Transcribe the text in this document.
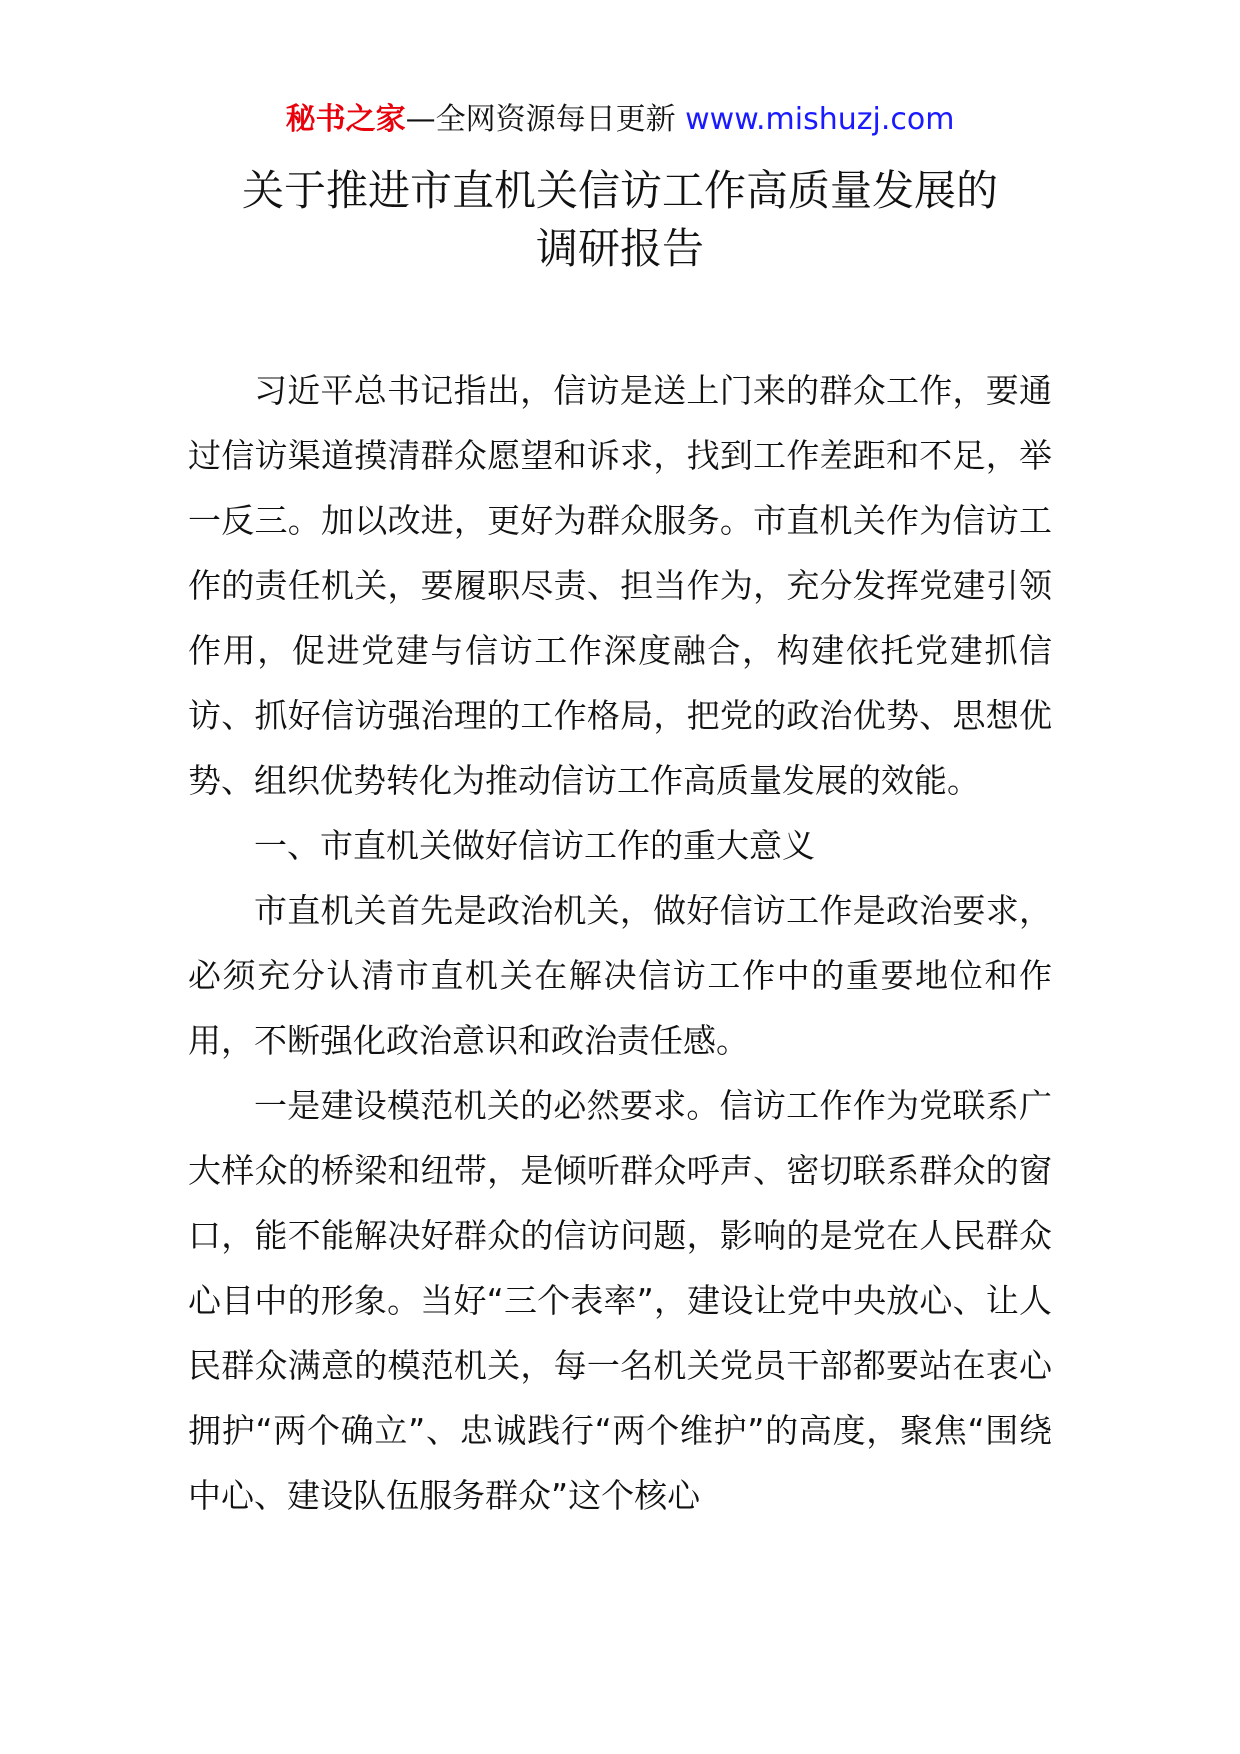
秘书之家—全网资源每日更新 www.mishuzj.com
关于推进市直机关信访工作高质量发展的
调研报告

习近平总书记指出，信访是送上门来的群众工作，要通过信访渠道摸清群众愿望和诉求，找到工作差距和不足，举一反三。加以改进，更好为群众服务。市直机关作为信访工作的责任机关，要履职尽责、担当作为，充分发挥党建引领作用，促进党建与信访工作深度融合，构建依托党建抓信访、抓好信访强治理的工作格局，把党的政治优势、思想优势、组织优势转化为推动信访工作高质量发展的效能。

一、市直机关做好信访工作的重大意义

市直机关首先是政治机关，做好信访工作是政治要求，必须充分认清市直机关在解决信访工作中的重要地位和作用，不断强化政治意识和政治责任感。

一是建设模范机关的必然要求。信访工作作为党联系广大样众的桥梁和纽带，是倾听群众呼声、密切联系群众的窗口，能不能解决好群众的信访问题，影响的是党在人民群众心目中的形象。当好“三个表率”，建设让党中央放心、让人民群众满意的模范机关，每一名机关党员干部都要站在衷心拥护“两个确立”、忠诚践行“两个维护”的高度，聚焦“围绕中心、建设队伍服务群众”这个核心
